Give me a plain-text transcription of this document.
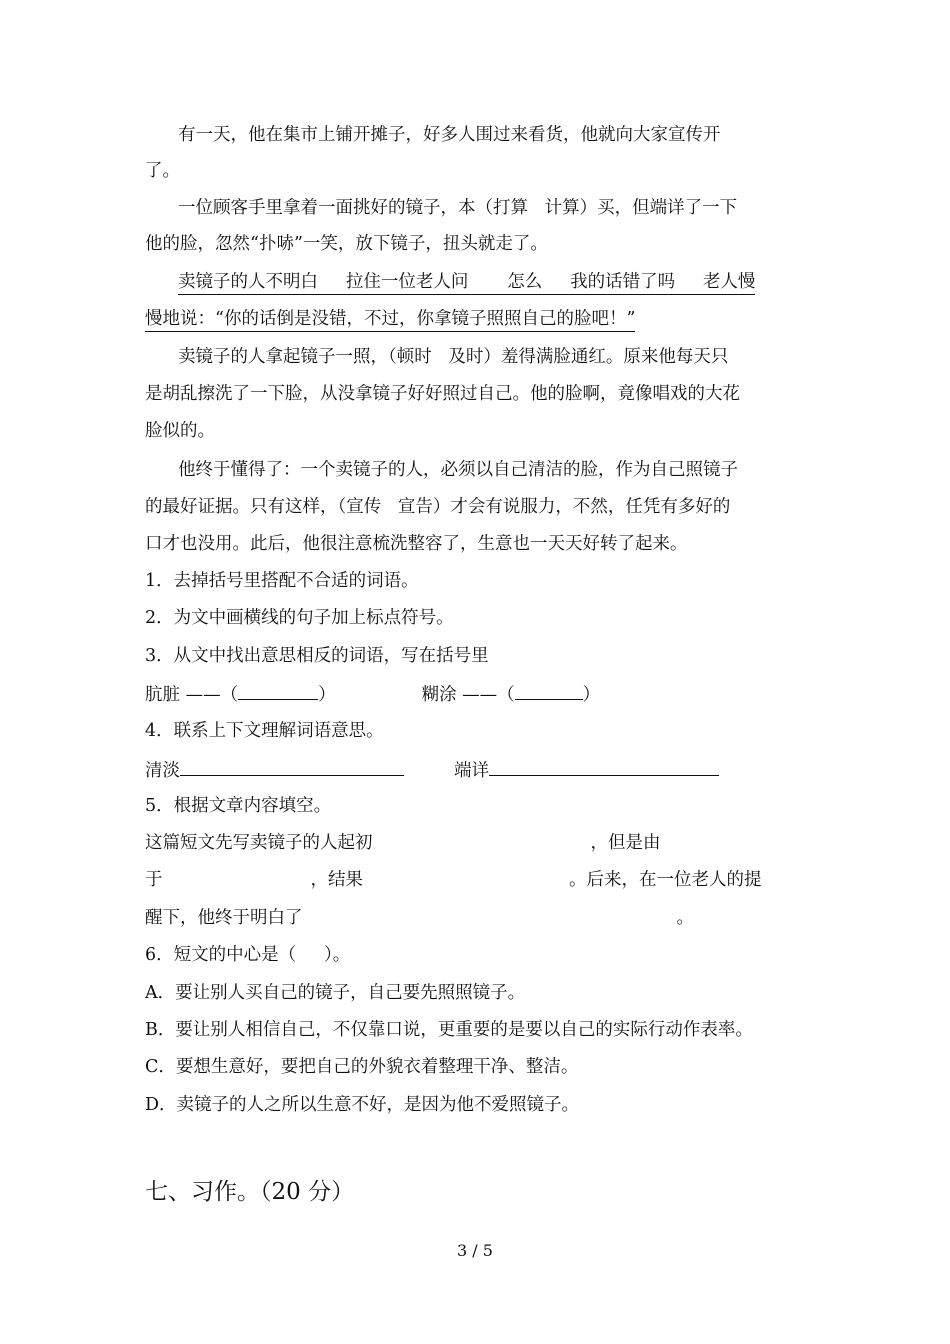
有一天，他在集市上铺开摊子，好多人围过来看货，他就向大家宣传开

了。

一位顾客手里拿着一面挑好的镜子，本（打算   计算）买，但端详了一下

他的脸，忽然“扑哧”一笑，放下镜子，扭头就走了。

卖镜子的人不明白     拉住一位老人问       怎么     我的话错了吗     老人慢

慢地说：“你的话倒是没错，不过，你拿镜子照照自己的脸吧！”

卖镜子的人拿起镜子一照，（顿时   及时）羞得满脸通红。原来他每天只

是胡乱擦洗了一下脸，从没拿镜子好好照过自己。他的脸啊，竟像唱戏的大花

脸似的。

他终于懂得了：一个卖镜子的人，必须以自己清洁的脸，作为自己照镜子

的最好证据。只有这样，（宣传   宣告）才会有说服力，不然，任凭有多好的

口才也没用。此后，他很注意梳洗整容了，生意也一天天好转了起来。

1．去掉括号里搭配不合适的词语。

2．为文中画横线的句子加上标点符号。

3．从文中找出意思相反的词语，写在括号里

肮脏 ——（	）	糊涂 ——（	）

4．联系上下文理解词语意思。

清淡	端详

5．根据文章内容填空。

这篇短文先写卖镜子的人起初	，但是由

于	，结果	。后来，在一位老人的提

醒下，他终于明白了	。

6．短文的中心是（     ）。

A．要让别人买自己的镜子，自己要先照照镜子。

B．要让别人相信自己，不仅靠口说，更重要的是要以自己的实际行动作表率。

C．要想生意好，要把自己的外貌衣着整理干净、整洁。

D．卖镜子的人之所以生意不好，是因为他不爱照镜子。

七、习作。（20 分）

3 / 5
